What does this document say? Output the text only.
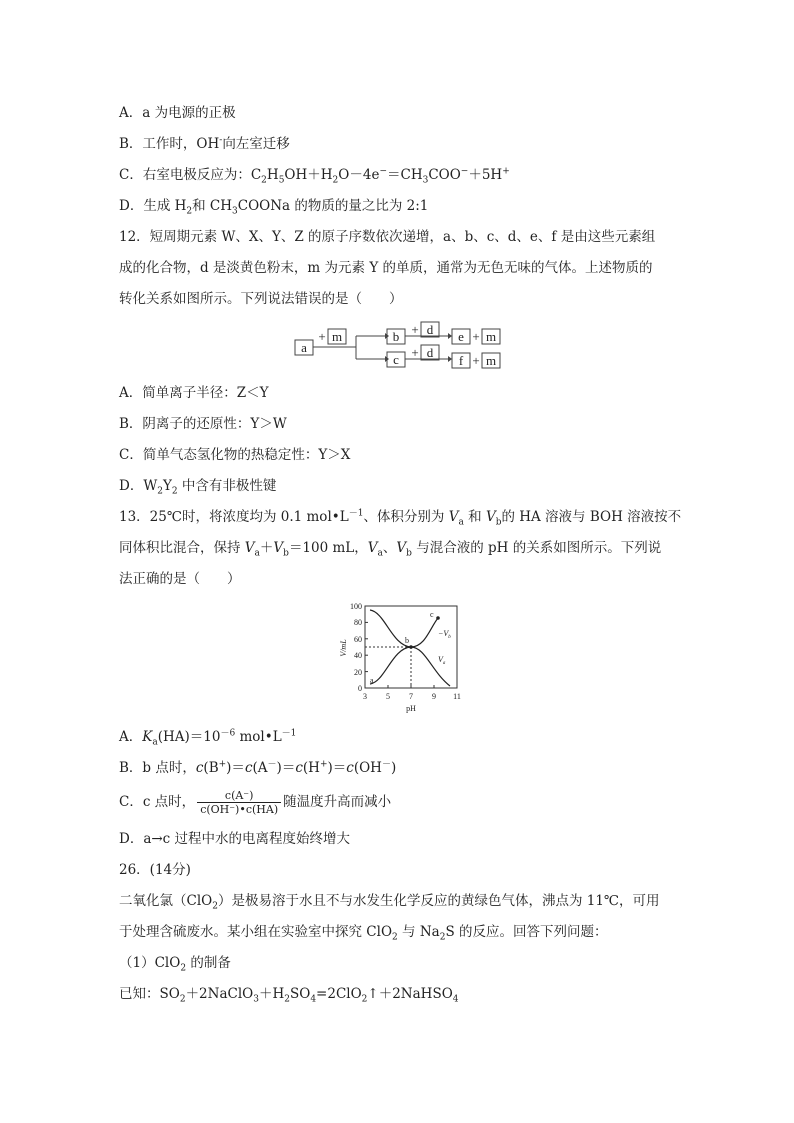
A．a 为电源的正极
B．工作时，OH-向左室迁移
C．右室电极反应为：$C_2H_5OH+H_2O-4e^-=CH_3COO^-+5H^+$
D．生成 $H_2$和 $CH_3COONa$ 的物质的量之比为 2:1
12．短周期元素 W、X、Y、Z 的原子序数依次递增，a、b、c、d、e、f 是由这些元素组
成的化合物，d 是淡黄色粉末，m 为元素 Y 的单质，通常为无色无味的气体。上述物质的
转化关系如图所示。下列说法错误的是（　　）
a
m	b
c
d
d
e
f
m
m
+	+
+
+
+
A．简单离子半径：Z＜Y
B．阴离子的还原性：Y＞W
C．简单气态氢化物的热稳定性：Y＞X
D．$W_2Y_2$ 中含有非极性键
13．25℃时，将浓度均为 0.1 $mol•L^{-1}$、体积分别为 $V_a$ 和 $V_b$的 HA 溶液与 BOH 溶液按不
同体积比混合，保持 $V_a+V_b=100$ mL，$V_a$、$V_b$ 与混合液的 pH 的关系如图所示。下列说
法正确的是（　　）
100
80
60
40
20
0
3 5 7 9 11
pH
V/mL
a
b
c
$-V_b$
$V_a$
A．$K_a(HA)=10^{-6}$ $mol•L^{-1}$
B．b 点时，c(B+)＝c(A－)＝c(H+)＝c(OH－)
C．c 点时， $\frac{c(A^-)}{c(OH^-)•c(HA)}$ 随温度升高而减小
D．a→c 过程中水的电离程度始终增大
26．(14分)
二氧化氯（ClO$_2$）是极易溶于水且不与水发生化学反应的黄绿色气体，沸点为 11℃，可用
于处理含硫废水。某小组在实验室中探究 ClO$_2$ 与 $Na_2S$ 的反应。回答下列问题：
（1）ClO$_2$ 的制备
已知：$SO_2+2NaClO_3+H_2SO_4=2ClO_2↑+2NaHSO_4$
